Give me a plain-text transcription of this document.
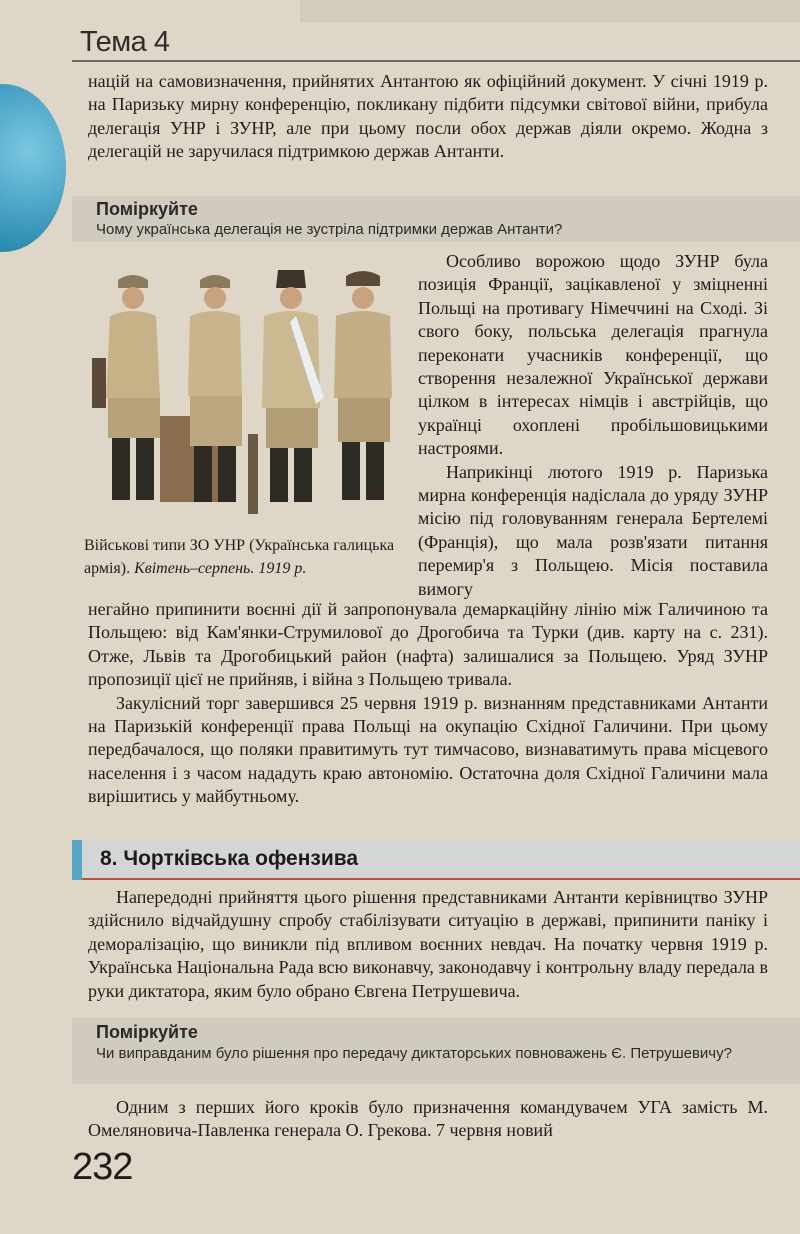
Тема 4

націй на самовизначення, прийнятих Антантою як офіційний документ. У січні 1919 р. на Паризьку мирну конференцію, покликану підбити підсумки світової війни, прибула делегація УНР і ЗУНР, але при цьому посли обох держав діяли окремо. Жодна з делегацій не заручилася підтримкою держав Антанти.

Поміркуйте
Чому українська делегація не зустріла підтримки держав Антанти?
Військові типи ЗО УНР (Українська галицька армія). Квітень–серпень. 1919 р.

Особливо ворожою щодо ЗУНР була позиція Франції, зацікавленої у зміцненні Польщі на противагу Німеччині на Сході. Зі свого боку, польська делегація прагнула переконати учасників конференції, що створення незалежної Української держави цілком в інтересах німців і австрійців, що українці охоплені пробільшовицькими настроями.

Наприкінці лютого 1919 р. Паризька мирна конференція надіслала до уряду ЗУНР місію під головуванням генерала Бертелемі (Франція), що мала розв'язати питання перемир'я з Польщею. Місія поставила вимогу

негайно припинити воєнні дії й запропонувала демаркаційну лінію між Галичиною та Польщею: від Кам'янки-Струмилової до Дрогобича та Турки (див. карту на с. 231). Отже, Львів та Дрогобицький район (нафта) залишалися за Польщею. Уряд ЗУНР пропозиції цієї не прийняв, і війна з Польщею тривала.

Закулісний торг завершився 25 червня 1919 р. визнанням представниками Антанти на Паризькій конференції права Польщі на окупацію Східної Галичини. При цьому передбачалося, що поляки правитимуть тут тимчасово, визнаватимуть права місцевого населення і з часом нададуть краю автономію. Остаточна доля Східної Галичини мала вирішитись у майбутньому.

8. Чортківська офензива

Напередодні прийняття цього рішення представниками Антанти керівництво ЗУНР здійснило відчайдушну спробу стабілізувати ситуацію в державі, припинити паніку і деморалізацію, що виникли під впливом воєнних невдач. На початку червня 1919 р. Українська Національна Рада всю виконавчу, законодавчу і контрольну владу передала в руки диктатора, яким було обрано Євгена Петрушевича.

Поміркуйте
Чи виправданим було рішення про передачу диктаторських повноважень Є. Петрушевичу?

Одним з перших його кроків було призначення командувачем УГА замість М. Омеляновича-Павленка генерала О. Грекова. 7 червня новий

232
